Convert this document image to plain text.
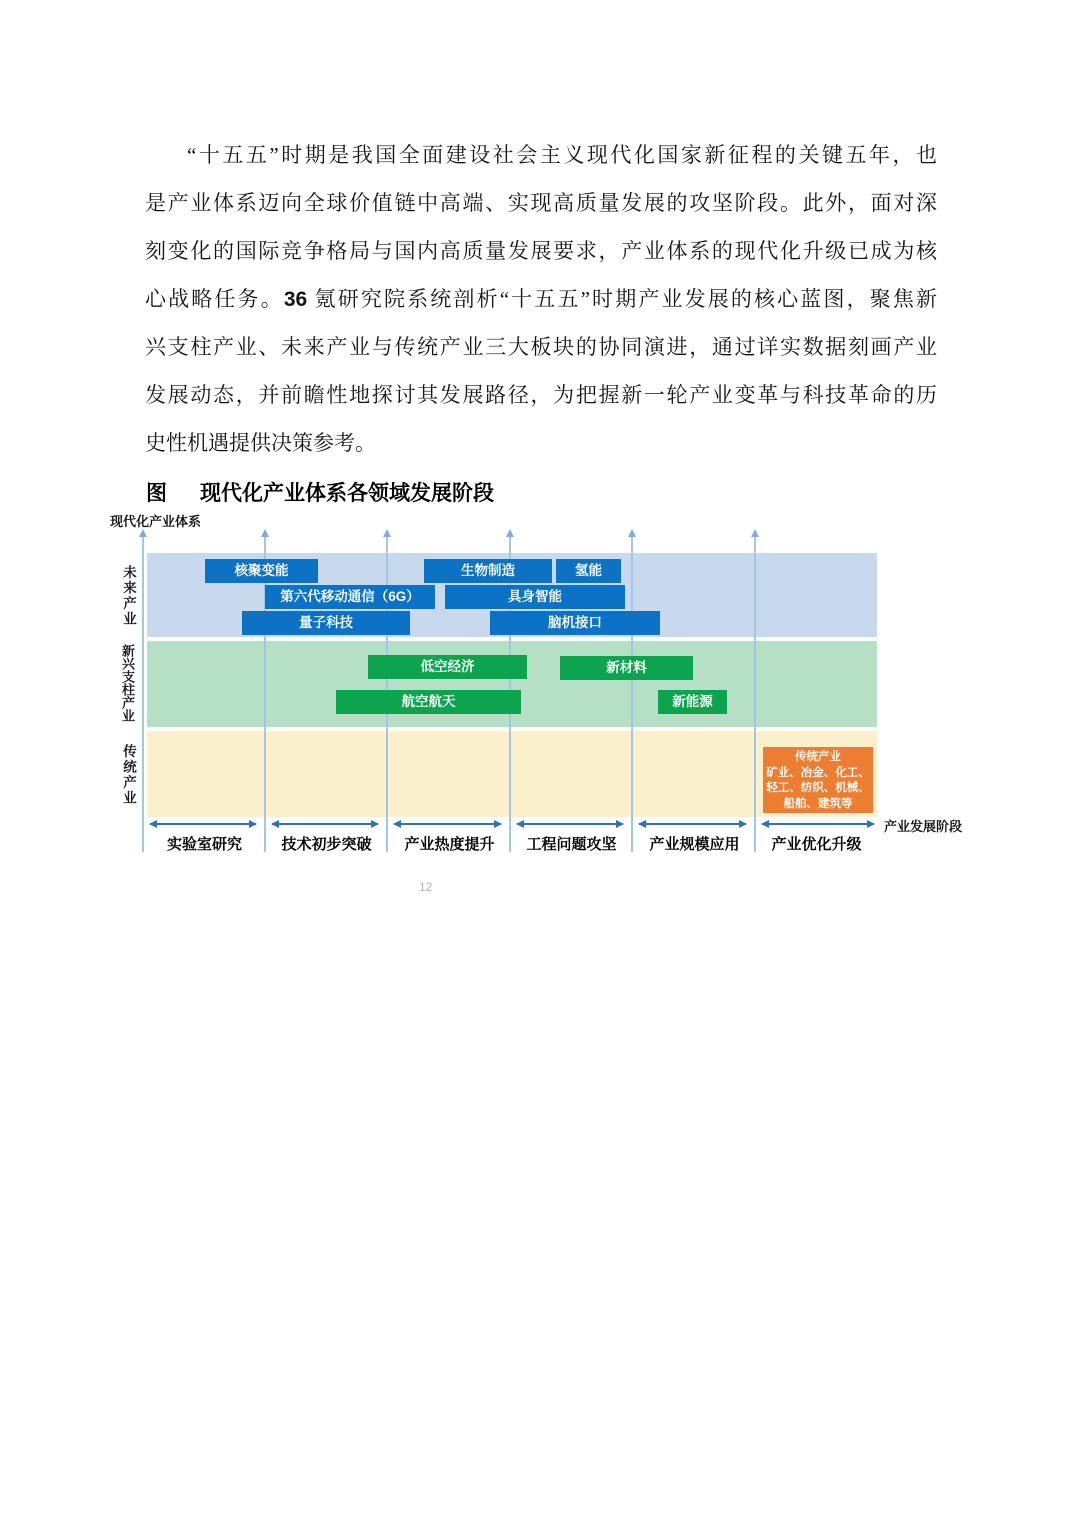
“十五五”时期是我国全面建设社会主义现代化国家新征程的关键五年，也
是产业体系迈向全球价值链中高端、实现高质量发展的攻坚阶段。此外，面对深
刻变化的国际竞争格局与国内高质量发展要求，产业体系的现代化升级已成为核
心战略任务。36 氪研究院系统剖析“十五五”时期产业发展的核心蓝图，聚焦新
兴支柱产业、未来产业与传统产业三大板块的协同演进，通过详实数据刻画产业
发展动态，并前瞻性地探讨其发展路径，为把握新一轮产业变革与科技革命的历
史性机遇提供决策参考。
图 现代化产业体系各领域发展阶段
现代化产业体系
未来产业
新兴支柱产业
传统产业
核聚变能	生物制造	氢能
第六代移动通信（6G）	具身智能
量子科技	脑机接口
低空经济	新材料
航空航天	新能源
传统产业
矿业、冶金、化工、
轻工、纺织、机械、
船舶、建筑等
实验室研究	技术初步突破	产业热度提升	工程问题攻坚	产业规模应用	产业优化升级
产业发展阶段
12
